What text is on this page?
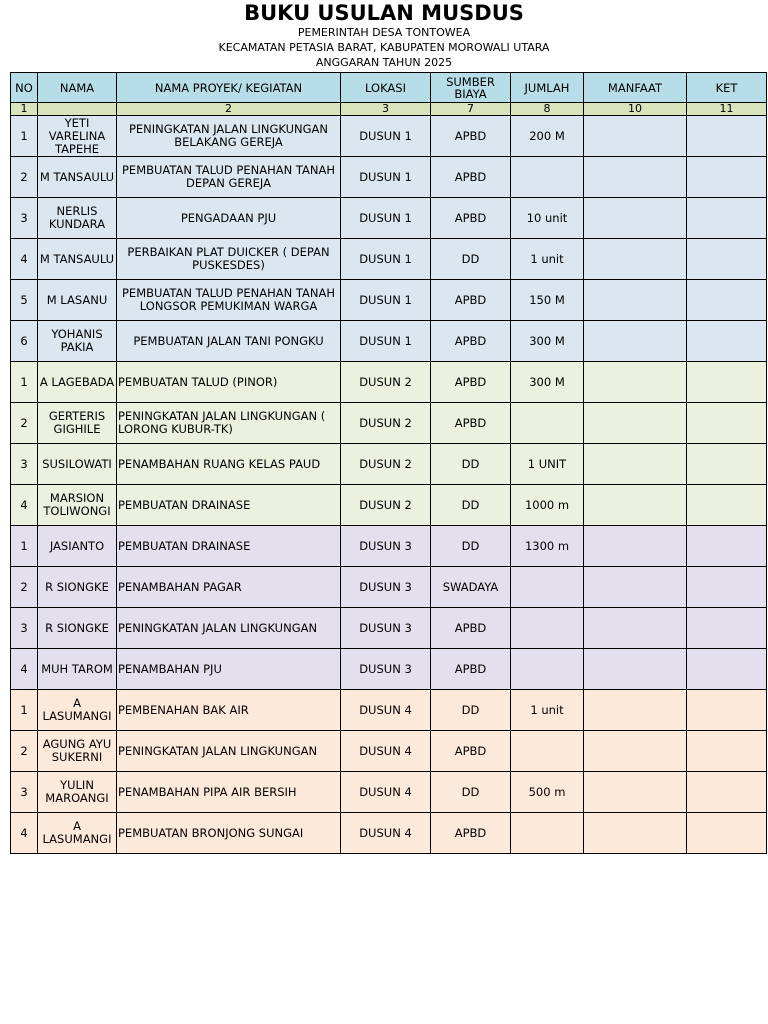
BUKU USULAN MUSDUS
PEMERINTAH DESA TONTOWEA
KECAMATAN PETASIA BARAT, KABUPATEN MOROWALI UTARA
ANGGARAN TAHUN 2025
NO	NAMA	NAMA PROYEK/ KEGIATAN	LOKASI	SUMBER BIAYA	JUMLAH	MANFAAT	KET
1		2	3	7	8	10	11
1	YETI VARELINA TAPEHE	PENINGKATAN JALAN LINGKUNGAN BELAKANG GEREJA	DUSUN 1	APBD	200 M		
2	M TANSAULU	PEMBUATAN TALUD PENAHAN TANAH DEPAN GEREJA	DUSUN 1	APBD			
3	NERLIS KUNDARA	PENGADAAN PJU	DUSUN 1	APBD	10 unit		
4	M TANSAULU	PERBAIKAN PLAT DUICKER ( DEPAN PUSKESDES)	DUSUN 1	DD	1 unit		
5	M LASANU	PEMBUATAN TALUD PENAHAN TANAH LONGSOR PEMUKIMAN WARGA	DUSUN 1	APBD	150 M		
6	YOHANIS PAKIA	PEMBUATAN JALAN TANI PONGKU	DUSUN 1	APBD	300 M		
1	A LAGEBADA	PEMBUATAN TALUD (PINOR)	DUSUN 2	APBD	300 M		
2	GERTERIS GIGHILE	PENINGKATAN JALAN LINGKUNGAN ( LORONG KUBUR-TK)	DUSUN 2	APBD			
3	SUSILOWATI	PENAMBAHAN RUANG KELAS PAUD	DUSUN 2	DD	1 UNIT		
4	MARSION TOLIWONGI	PEMBUATAN DRAINASE	DUSUN 2	DD	1000 m		
1	JASIANTO	PEMBUATAN DRAINASE	DUSUN 3	DD	1300 m		
2	R SIONGKE	PENAMBAHAN PAGAR	DUSUN 3	SWADAYA			
3	R SIONGKE	PENINGKATAN JALAN LINGKUNGAN	DUSUN 3	APBD			
4	MUH TAROM	PENAMBAHAN PJU	DUSUN 3	APBD			
1	A LASUMANGI	PEMBENAHAN BAK AIR	DUSUN 4	DD	1 unit		
2	AGUNG AYU SUKERNI	PENINGKATAN JALAN LINGKUNGAN	DUSUN 4	APBD			
3	YULIN MAROANGI	PENAMBAHAN PIPA AIR BERSIH	DUSUN 4	DD	500 m		
4	A LASUMANGI	PEMBUATAN BRONJONG SUNGAI	DUSUN 4	APBD			
